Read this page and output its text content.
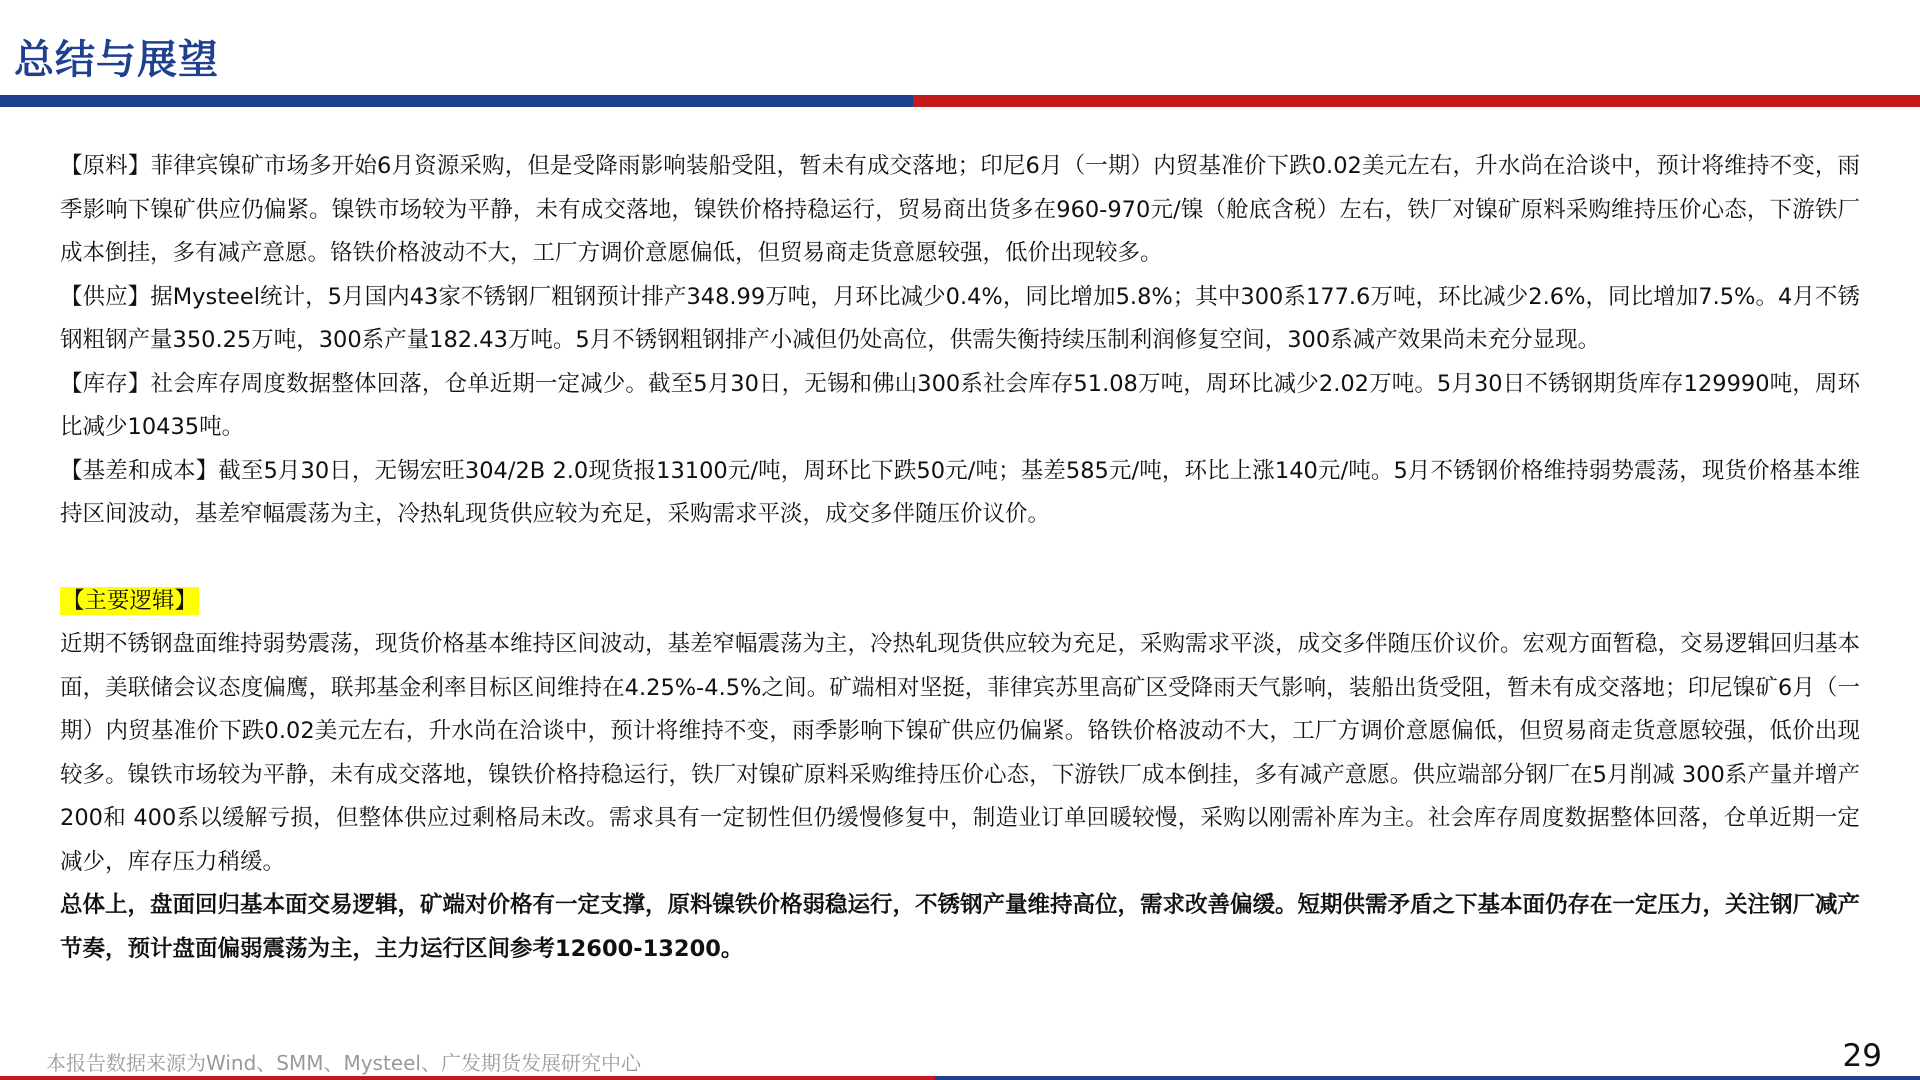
总结与展望

【原料】菲律宾镍矿市场多开始6月资源采购，但是受降雨影响装船受阻，暂未有成交落地；印尼6月（一期）内贸基准价下跌0.02美元左右，升水尚在洽谈中，预计将维持不变，雨季影响下镍矿供应仍偏紧。镍铁市场较为平静，未有成交落地，镍铁价格持稳运行，贸易商出货多在960-970元/镍（舱底含税）左右，铁厂对镍矿原料采购维持压价心态，下游铁厂成本倒挂，多有减产意愿。铬铁价格波动不大，工厂方调价意愿偏低，但贸易商走货意愿较强，低价出现较多。

【供应】据Mysteel统计，5月国内43家不锈钢厂粗钢预计排产348.99万吨，月环比减少0.4%，同比增加5.8%；其中300系177.6万吨，环比减少2.6%，同比增加7.5%。4月不锈钢粗钢产量350.25万吨，300系产量182.43万吨。5月不锈钢粗钢排产小减但仍处高位，供需失衡持续压制利润修复空间，300系减产效果尚未充分显现。

【库存】社会库存周度数据整体回落，仓单近期一定减少。截至5月30日，无锡和佛山300系社会库存51.08万吨，周环比减少2.02万吨。5月30日不锈钢期货库存129990吨，周环比减少10435吨。

【基差和成本】截至5月30日，无锡宏旺304/2B 2.0现货报13100元/吨，周环比下跌50元/吨；基差585元/吨，环比上涨140元/吨。5月不锈钢价格维持弱势震荡，现货价格基本维持区间波动，基差窄幅震荡为主，冷热轧现货供应较为充足，采购需求平淡，成交多伴随压价议价。

【主要逻辑】

近期不锈钢盘面维持弱势震荡，现货价格基本维持区间波动，基差窄幅震荡为主，冷热轧现货供应较为充足，采购需求平淡，成交多伴随压价议价。宏观方面暂稳，交易逻辑回归基本面，美联储会议态度偏鹰，联邦基金利率目标区间维持在4.25%-4.5%之间。矿端相对坚挺，菲律宾苏里高矿区受降雨天气影响，装船出货受阻，暂未有成交落地；印尼镍矿6月（一期）内贸基准价下跌0.02美元左右，升水尚在洽谈中，预计将维持不变，雨季影响下镍矿供应仍偏紧。铬铁价格波动不大，工厂方调价意愿偏低，但贸易商走货意愿较强，低价出现较多。镍铁市场较为平静，未有成交落地，镍铁价格持稳运行，铁厂对镍矿原料采购维持压价心态，下游铁厂成本倒挂，多有减产意愿。供应端部分钢厂在5月削减 300系产量并增产 200和 400系以缓解亏损，但整体供应过剩格局未改。需求具有一定韧性但仍缓慢修复中，制造业订单回暖较慢，采购以刚需补库为主。社会库存周度数据整体回落，仓单近期一定减少，库存压力稍缓。

总体上，盘面回归基本面交易逻辑，矿端对价格有一定支撑，原料镍铁价格弱稳运行，不锈钢产量维持高位，需求改善偏缓。短期供需矛盾之下基本面仍存在一定压力，关注钢厂减产节奏，预计盘面偏弱震荡为主，主力运行区间参考12600-13200。

本报告数据来源为Wind、SMM、Mysteel、广发期货发展研究中心	29
